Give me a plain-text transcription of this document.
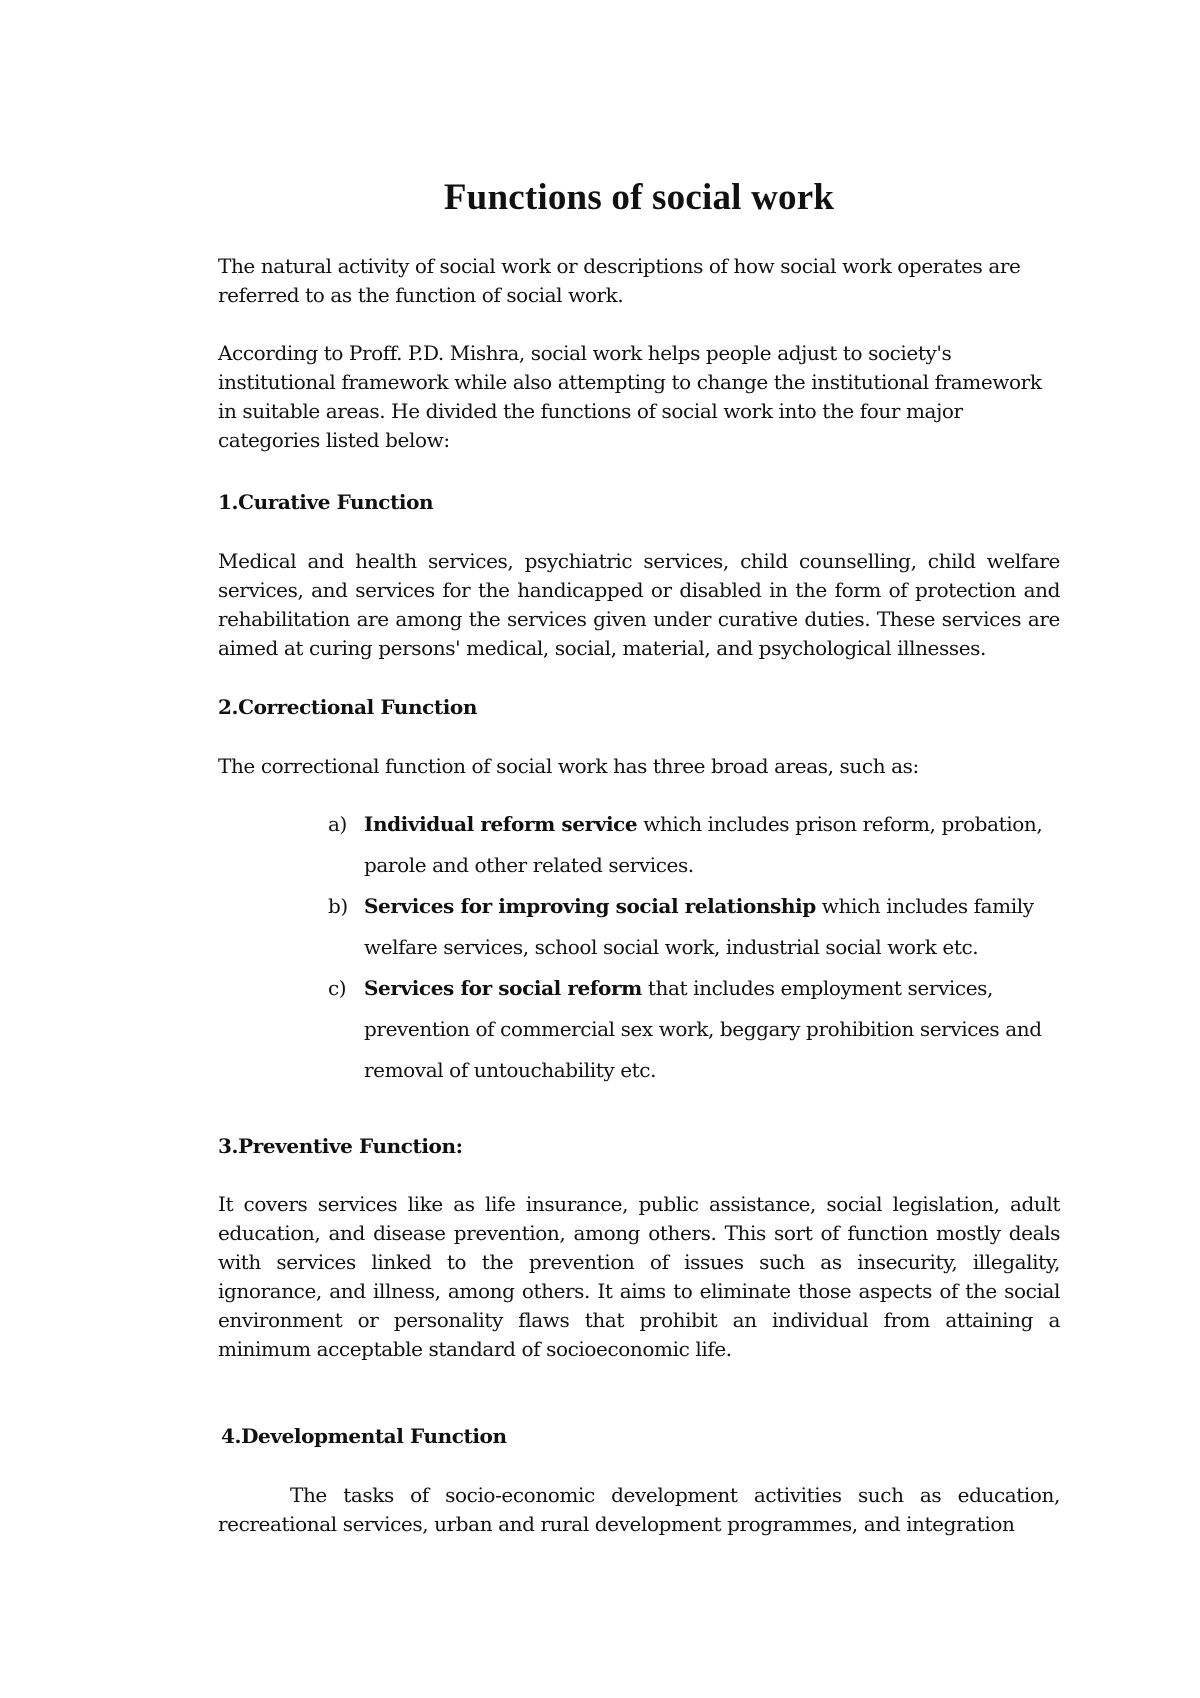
Functions of social work

The natural activity of social work or descriptions of how social work operates are referred to as the function of social work.

According to Proff. P.D. Mishra, social work helps people adjust to society's institutional framework while also attempting to change the institutional framework in suitable areas. He divided the functions of social work into the four major categories listed below:

1.Curative Function

Medical and health services, psychiatric services, child counselling, child welfare services, and services for the handicapped or disabled in the form of protection and rehabilitation are among the services given under curative duties. These services are aimed at curing persons' medical, social, material, and psychological illnesses.

2.Correctional Function

The correctional function of social work has three broad areas, such as:

a) Individual reform service which includes prison reform, probation, parole and other related services.
b) Services for improving social relationship which includes family welfare services, school social work, industrial social work etc.
c) Services for social reform that includes employment services, prevention of commercial sex work, beggary prohibition services and removal of untouchability etc.
3.Preventive Function:

It covers services like as life insurance, public assistance, social legislation, adult education, and disease prevention, among others. This sort of function mostly deals with services linked to the prevention of issues such as insecurity, illegality, ignorance, and illness, among others. It aims to eliminate those aspects of the social environment or personality flaws that prohibit an individual from attaining a minimum acceptable standard of socioeconomic life.

4.Developmental Function

The tasks of socio-economic development activities such as education, recreational services, urban and rural development programmes, and integration
